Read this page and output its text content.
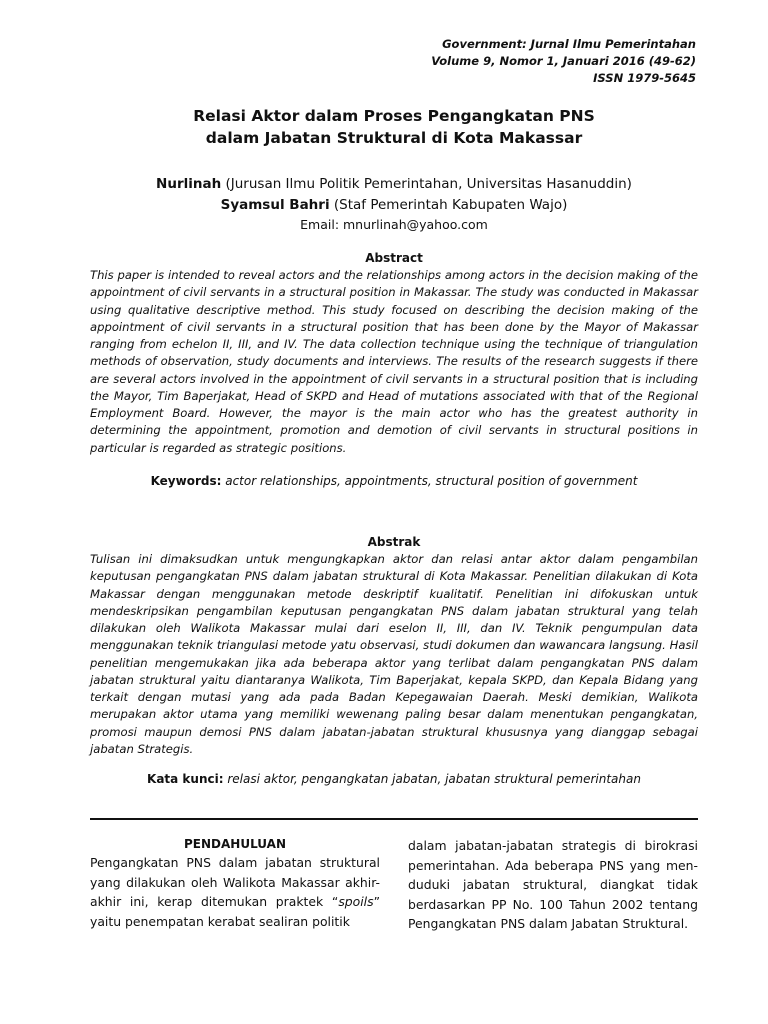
Government: Jurnal Ilmu Pemerintahan
Volume 9, Nomor 1, Januari 2016 (49-62)
ISSN 1979-5645
Relasi Aktor dalam Proses Pengangkatan PNS
dalam Jabatan Struktural di Kota Makassar
Nurlinah (Jurusan Ilmu Politik Pemerintahan, Universitas Hasanuddin)
Syamsul Bahri (Staf Pemerintah Kabupaten Wajo)
Email: mnurlinah@yahoo.com
Abstract
This paper is intended to reveal actors and the relationships among actors in the decision making of the appointment of civil servants in a structural position in Makassar. The study was conducted in Makassar using qualitative descriptive method. This study focused on describing the decision making of the appointment of civil servants in a structural position that has been done by the Mayor of Makassar ranging from echelon II, III, and IV. The data collection technique using the technique of triangulation methods of observation, study documents and interviews. The results of the research suggests if there are several actors involved in the appointment of civil servants in a structural position that is including the Mayor, Tim Baperjakat, Head of SKPD and Head of mutations associated with that of the Regional Employment Board. However, the mayor is the main actor who has the greatest authority in determining the appointment, promotion and demotion of civil servants in structural positions in particular is regarded as strategic positions.
Keywords: actor relationships, appointments, structural position of government
Abstrak
Tulisan ini dimaksudkan untuk mengungkapkan aktor dan relasi antar aktor dalam pengambilan keputusan pengangkatan PNS dalam jabatan struktural di Kota Makassar. Penelitian dilakukan di Kota Makassar dengan menggunakan metode deskriptif kualitatif. Penelitian ini difokuskan untuk mendeskripsikan pengambilan keputusan pengangkatan PNS dalam jabatan struktural yang telah dilakukan oleh Walikota Makassar mulai dari eselon II, III, dan IV. Teknik pengumpulan data menggunakan teknik triangulasi metode yatu observasi, studi dokumen dan wawancara langsung. Hasil penelitian mengemukakan jika ada beberapa aktor yang terlibat dalam pengangkatan PNS dalam jabatan struktural yaitu diantaranya Walikota, Tim Baperjakat, kepala SKPD, dan Kepala Bidang yang terkait dengan mutasi yang ada pada Badan Kepegawaian Daerah. Meski demikian, Walikota merupakan aktor utama yang memiliki wewenang paling besar dalam menentukan pengangkatan, promosi maupun demosi PNS dalam jabatan-jabatan struktural khususnya yang dianggap sebagai jabatan Strategis.
Kata kunci: relasi aktor, pengangkatan jabatan, jabatan struktural pemerintahan
PENDAHULUAN

Pengangkatan PNS dalam jabatan struktural yang dilakukan oleh Walikota Makassar akhir-akhir ini, kerap ditemukan praktek “spoils” yaitu penempatan kerabat sealiran politik

dalam jabatan-jabatan strategis di birokrasi pemerintahan. Ada beberapa PNS yang menduduki jabatan struktural, diangkat tidak berdasarkan PP No. 100 Tahun 2002 tentang Pengangkatan PNS dalam Jabatan Struktural.
